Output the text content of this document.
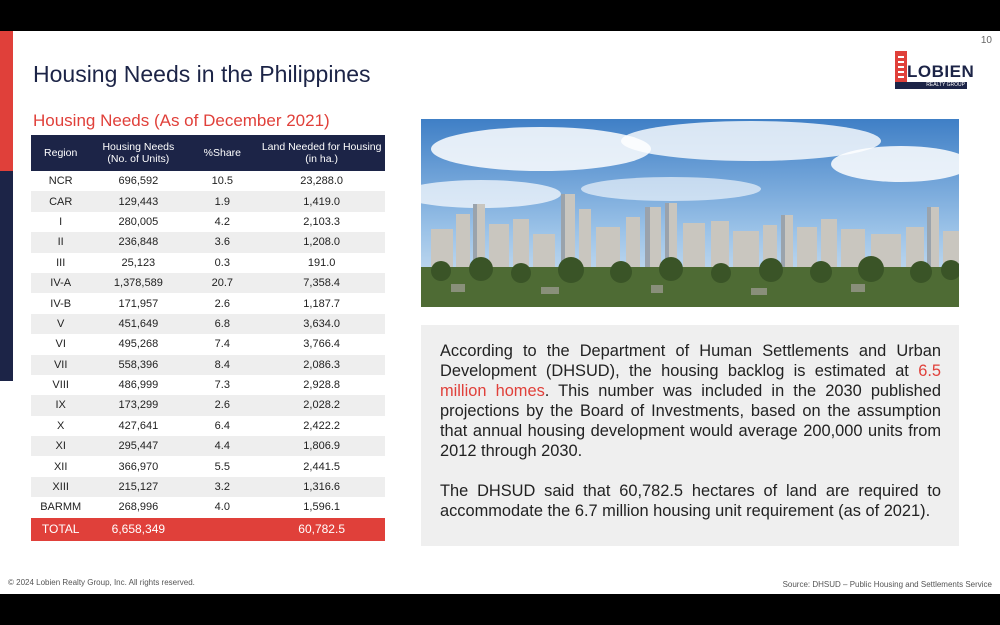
10
Housing Needs in the Philippines	LOBIEN
REALTY GROUP
Housing Needs (As of December 2021)
Region	Housing Needs (No. of Units)	%Share	Land Needed for Housing (in ha.)
NCR	696,592	10.5	23,288.0
CAR	129,443	1.9	1,419.0
I	280,005	4.2	2,103.3
II	236,848	3.6	1,208.0
III	25,123	0.3	191.0
IV-A	1,378,589	20.7	7,358.4
IV-B	171,957	2.6	1,187.7
V	451,649	6.8	3,634.0
VI	495,268	7.4	3,766.4
VII	558,396	8.4	2,086.3
VIII	486,999	7.3	2,928.8
IX	173,299	2.6	2,028.2
X	427,641	6.4	2,422.2
XI	295,447	4.4	1,806.9
XII	366,970	5.5	2,441.5
XIII	215,127	3.2	1,316.6
BARMM	268,996	4.0	1,596.1
TOTAL	6,658,349		60,782.5

According to the Department of Human Settlements and Urban Development (DHSUD), the housing backlog is estimated at 6.5 million homes. This number was included in the 2030 published projections by the Board of Investments, based on the assumption that annual housing development would average 200,000 units from 2012 through 2030.

The DHSUD said that 60,782.5 hectares of land are required to accommodate the 6.7 million housing unit requirement (as of 2021).

© 2024 Lobien Realty Group, Inc. All rights reserved.	Source: DHSUD – Public Housing and Settlements Service
